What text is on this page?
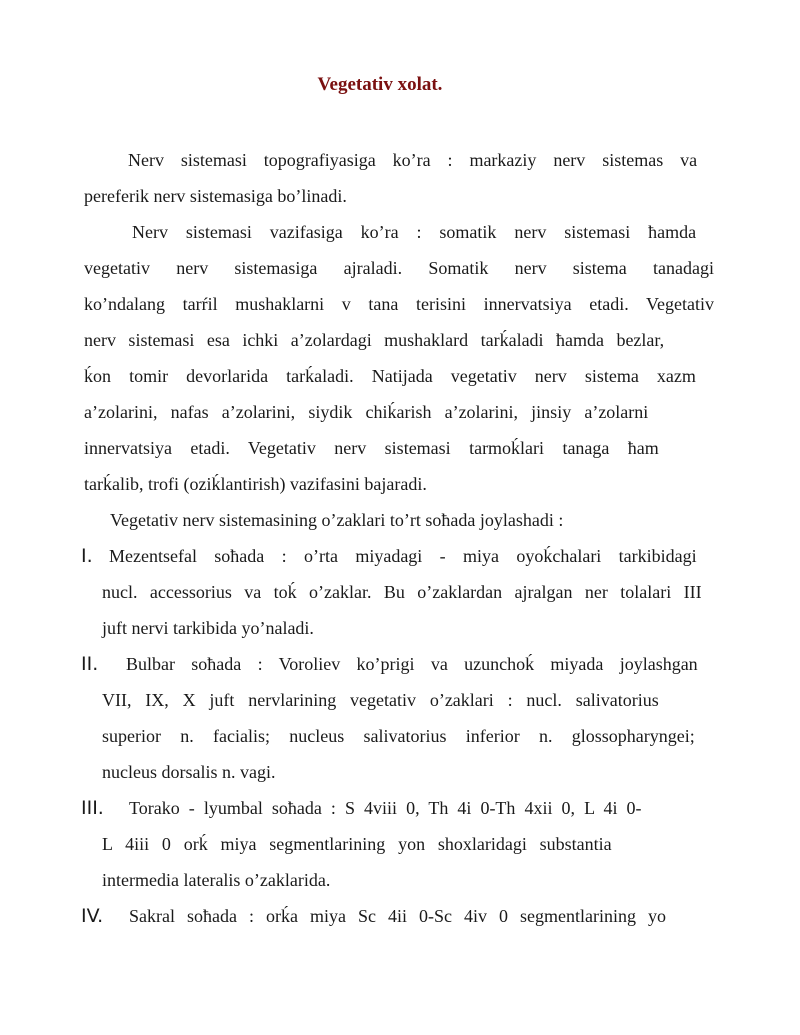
Vegetativ xolat.
Nerv sistemasi topografiyasiga ko’ra : markaziy nerv sistemas va
pereferik nerv sistemasiga bo’linadi.
Nerv sistemasi vazifasiga ko’ra : somatik nerv sistemasi ħamda
vegetativ nerv sistemasiga ajraladi. Somatik nerv sistema tanadagi
ko’ndalang tarŕil mushaklarni v tana terisini innervatsiya etadi. Vegetativ
nerv sistemasi esa ichki a’zolardagi mushaklard tarḱaladi ħamda bezlar,
ḱon tomir devorlarida tarḱaladi. Natijada vegetativ nerv sistema xazm
a’zolarini, nafas a’zolarini, siydik chiḱarish a’zolarini, jinsiy a’zolarni
innervatsiya etadi. Vegetativ nerv sistemasi tarmoḱlari tanaga ħam
tarḱalib, trofi (oziḱlantirish) vazifasini bajaradi.
Vegetativ nerv sistemasining o’zaklari to’rt soħada joylashadi :
I. Mezentsefal soħada : o’rta miyadagi - miya oyoḱchalari tarkibidagi
nucl. accessorius va toḱ o’zaklar. Bu o’zaklardan ajralgan ner tolalari III
juft nervi tarkibida yo’naladi.
II. Bulbar soħada : Voroliev ko’prigi va uzunchoḱ miyada joylashgan
VII, IX, X juft nervlarining vegetativ o’zaklari : nucl. salivatorius
superior n. facialis; nucleus salivatorius inferior n. glossopharyngei;
nucleus dorsalis n. vagi.
III. Torako - lyumbal soħada : S 4viii 0, Th 4i 0-Th 4xii 0, L 4i 0-
L 4iii 0 orḱ miya segmentlarining yon shoxlaridagi substantia
intermedia lateralis o’zaklarida.
IV. Sakral soħada : orḱa miya Sc 4ii 0-Sc 4iv 0 segmentlarining yo
